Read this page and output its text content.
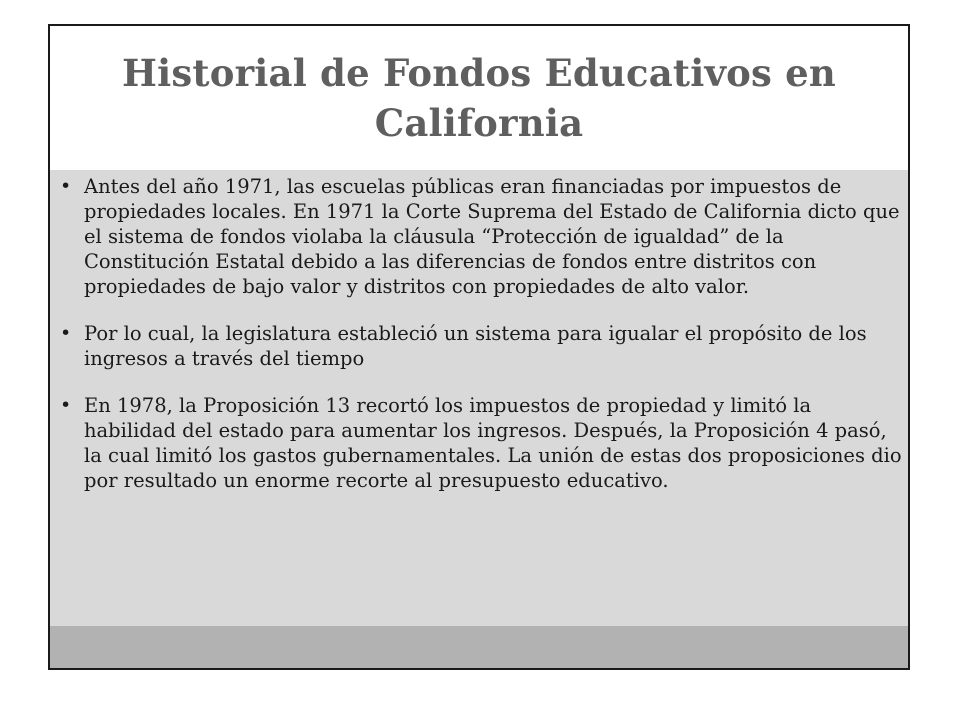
Historial de Fondos Educativos en California
• Antes del año 1971, las escuelas públicas eran financiadas por impuestos de propiedades locales. En 1971 la Corte Suprema del Estado de California dicto que el sistema de fondos violaba la cláusula “Protección de igualdad” de la Constitución Estatal debido a las diferencias de fondos entre distritos con propiedades de bajo valor y distritos con propiedades de alto valor.
• Por lo cual, la legislatura estableció un sistema para igualar el propósito de los ingresos a través del tiempo
• En 1978, la Proposición 13 recortó los impuestos de propiedad y limitó la habilidad del estado para aumentar los ingresos. Después, la Proposición 4 pasó, la cual limitó los gastos gubernamentales. La unión de estas dos proposiciones dio por resultado un enorme recorte al presupuesto educativo.
